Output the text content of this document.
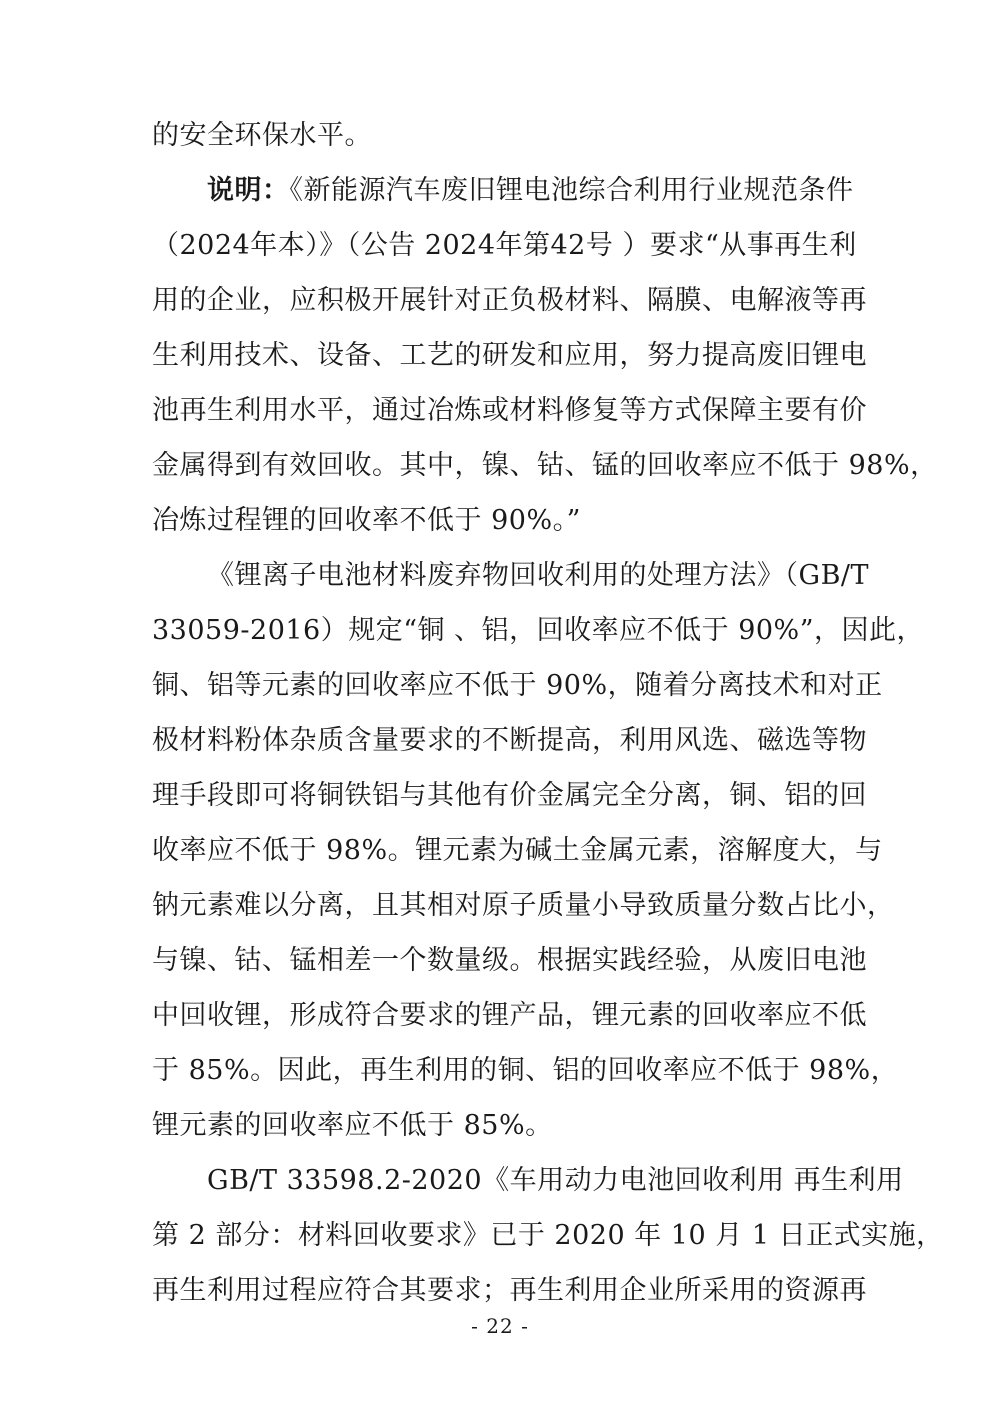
的安全环保水平。
说明：《新能源汽车废旧锂电池综合利用行业规范条件
（2024年本）》（公告 2024年第42号 ）要求“从事再生利
用的企业，应积极开展针对正负极材料、隔膜、电解液等再
生利用技术、设备、工艺的研发和应用，努力提高废旧锂电
池再生利用水平，通过冶炼或材料修复等方式保障主要有价
金属得到有效回收。其中，镍、钴、锰的回收率应不低于 98%，
冶炼过程锂的回收率不低于 90%。”
《锂离子电池材料废弃物回收利用的处理方法》（GB/T
33059-2016）规定“铜 、铝，回收率应不低于 90%”，因此，
铜、铝等元素的回收率应不低于 90%，随着分离技术和对正
极材料粉体杂质含量要求的不断提高，利用风选、磁选等物
理手段即可将铜铁铝与其他有价金属完全分离，铜、铝的回
收率应不低于 98%。锂元素为碱土金属元素，溶解度大，与
钠元素难以分离，且其相对原子质量小导致质量分数占比小，
与镍、钴、锰相差一个数量级。根据实践经验，从废旧电池
中回收锂，形成符合要求的锂产品，锂元素的回收率应不低
于 85%。因此，再生利用的铜、铝的回收率应不低于 98%，
锂元素的回收率应不低于 85%。
GB/T 33598.2-2020《车用动力电池回收利用 再生利用
第 2 部分：材料回收要求》已于 2020 年 10 月 1 日正式实施，
再生利用过程应符合其要求；再生利用企业所采用的资源再
- 22 -
